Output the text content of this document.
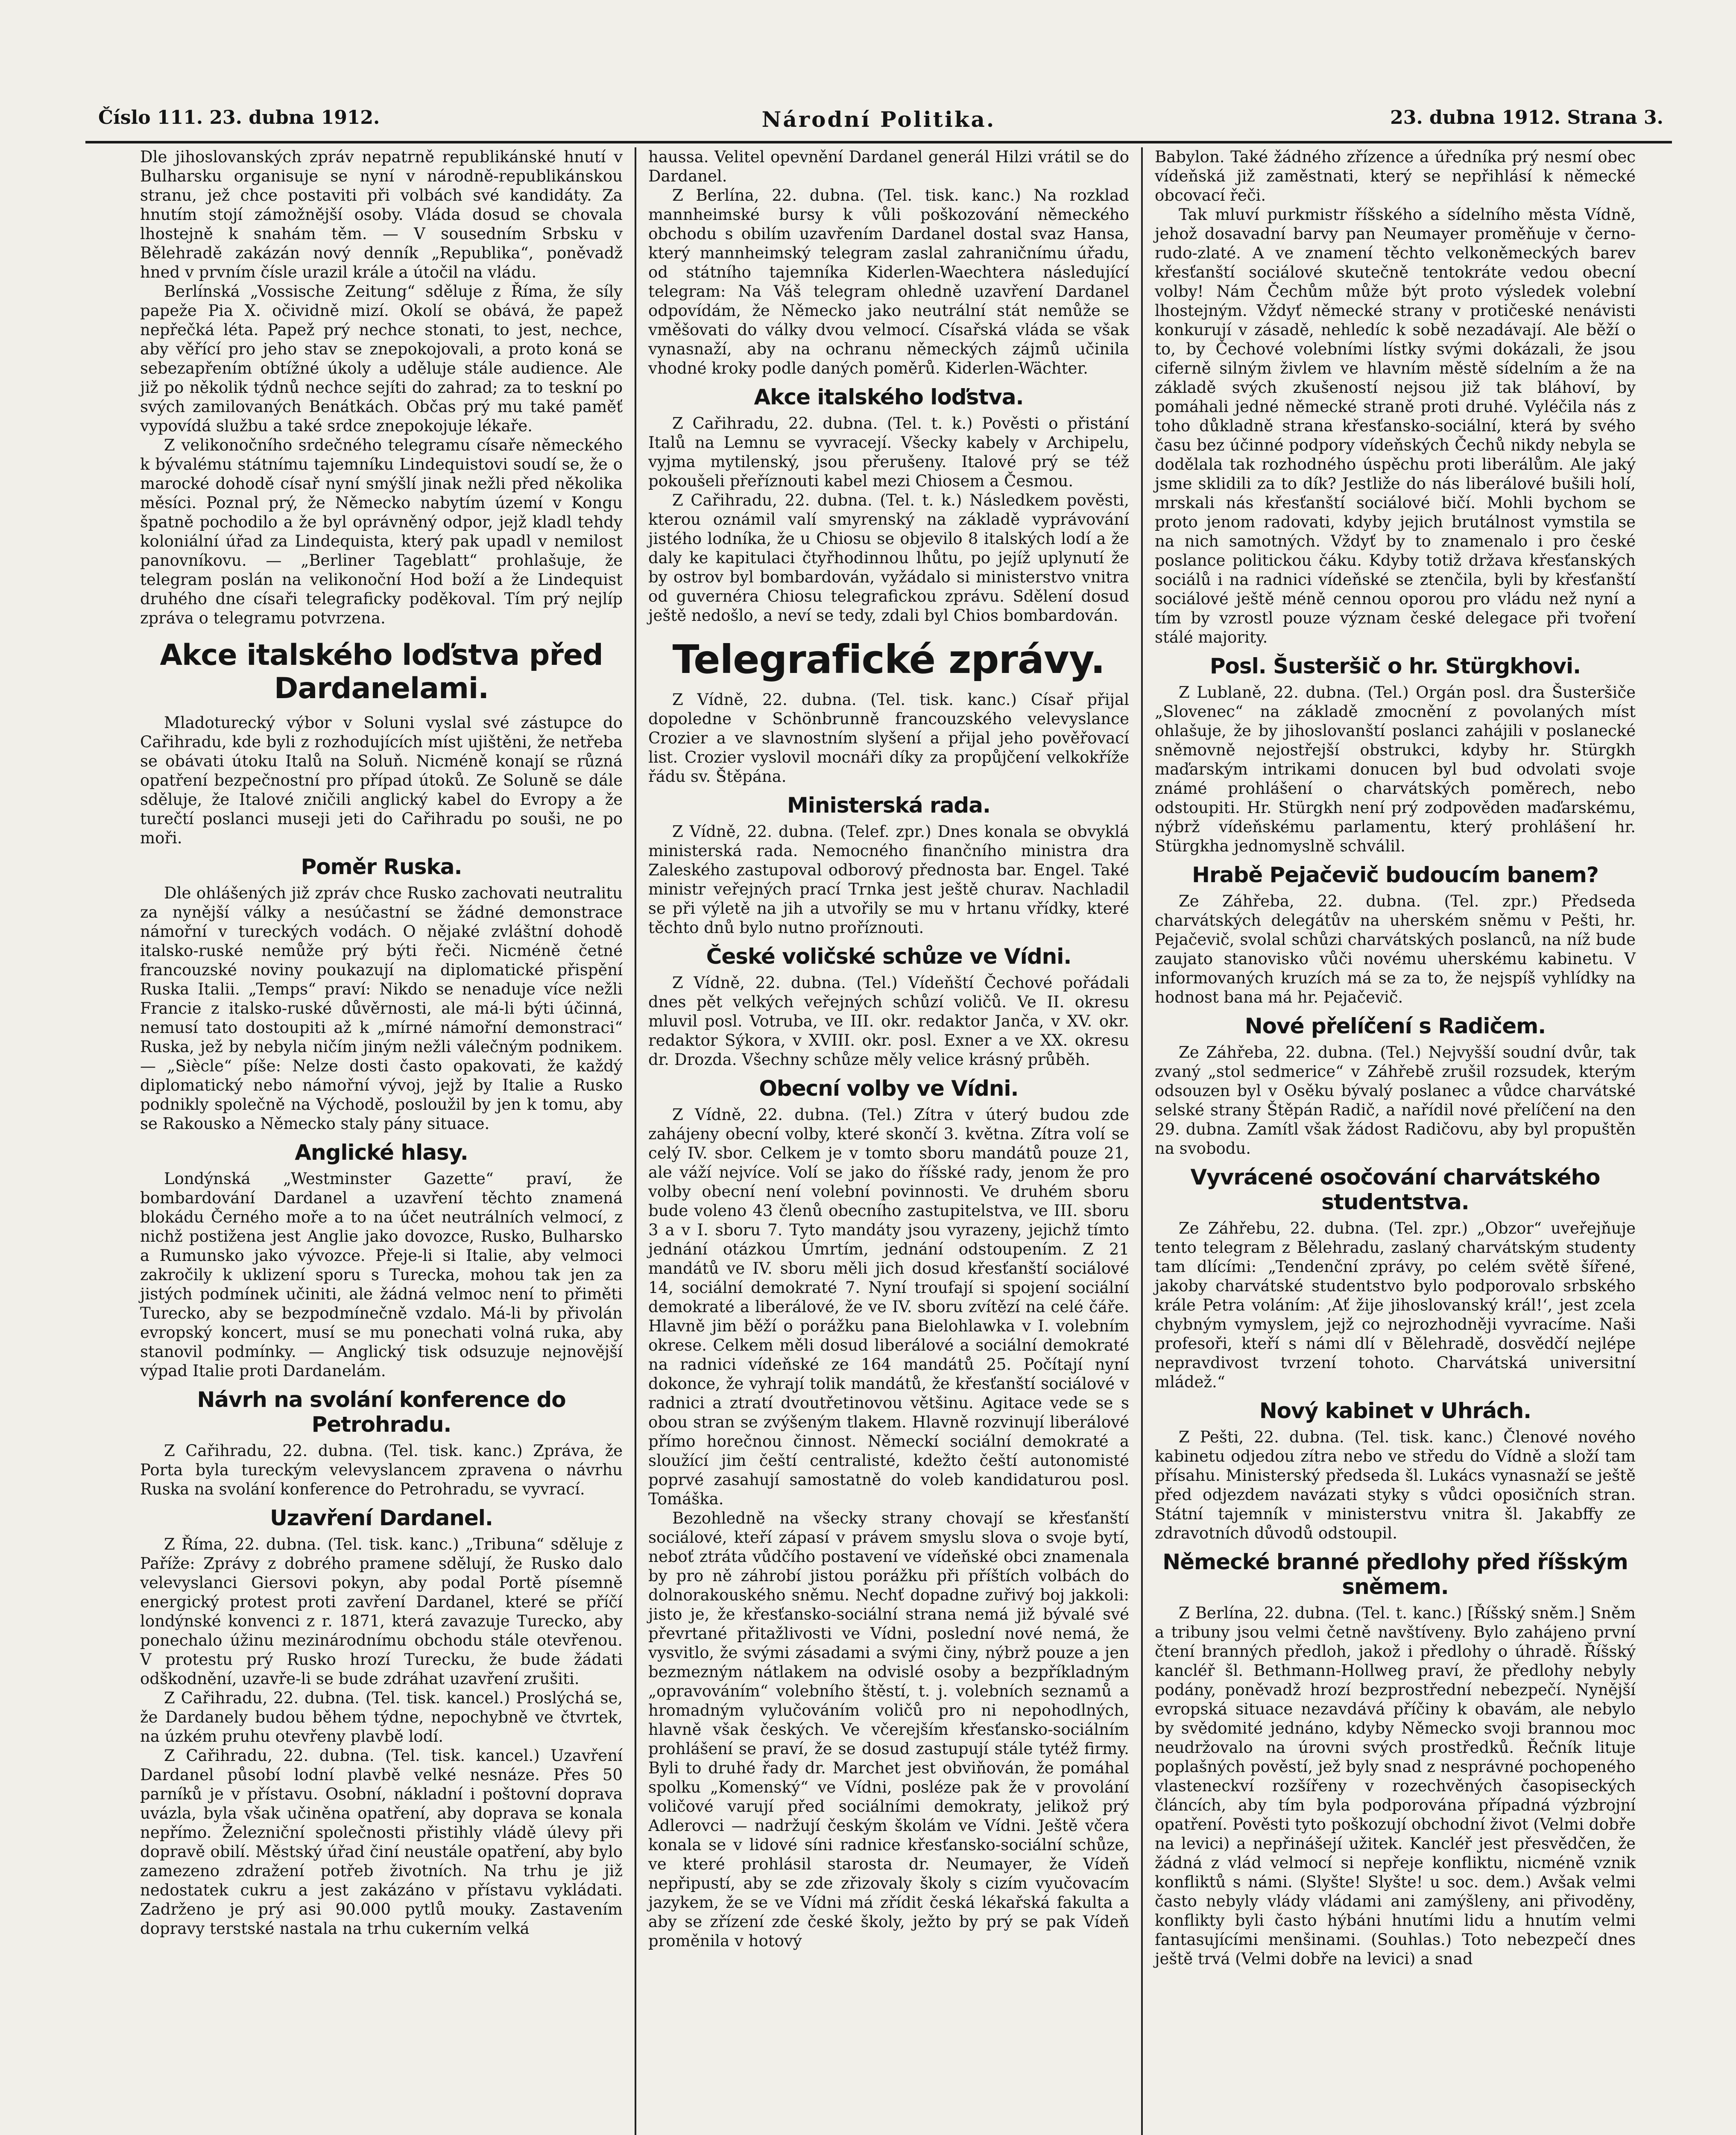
Číslo 111. 23. dubna 1912.	Národní Politika.	23. dubna 1912. Strana 3.

Dle jihoslovanských zpráv nepatrně republikánské hnutí v Bulharsku organisuje se nyní v národně-republikánskou stranu, jež chce postaviti při volbách své kandidáty. Za hnutím stojí zámožnější osoby. Vláda dosud se chovala lhostejně k snahám těm. — V sousedním Srbsku v Bělehradě zakázán nový denník „Republika“, poněvadž hned v prvním čísle urazil krále a útočil na vládu.

Berlínská „Vossische Zeitung“ sděluje z Říma, že síly papeže Pia X. očividně mizí. Okolí se obává, že papež nepřečká léta. Papež prý nechce stonati, to jest, nechce, aby věřící pro jeho stav se znepokojovali, a proto koná se sebezapřením obtížné úkoly a uděluje stále audience. Ale již po několik týdnů nechce sejíti do zahrad; za to teskní po svých zamilovaných Benátkách. Občas prý mu také paměť vypovídá službu a také srdce znepokojuje lékaře.

Z velikonočního srdečného telegramu císaře německého k bývalému státnímu tajemníku Lindequistovi soudí se, že o marocké dohodě císař nyní smýšlí jinak nežli před několika měsíci. Poznal prý, že Německo nabytím území v Kongu špatně pochodilo a že byl oprávněný odpor, jejž kladl tehdy koloniální úřad za Lindequista, který pak upadl v nemilost panovníkovu. — „Berliner Tageblatt“ prohlašuje, že telegram poslán na velikonoční Hod boží a že Lindequist druhého dne císaři telegraficky poděkoval. Tím prý nejlíp zpráva o telegramu potvrzena.

Akce italského loďstva před Dardanelami.

Mladoturecký výbor v Soluni vyslal své zástupce do Cařihradu, kde byli z rozhodujících míst ujištěni, že netřeba se obávati útoku Italů na Soluň. Nicméně konají se různá opatření bezpečnostní pro případ útoků. Ze Soluně se dále sděluje, že Italové zničili anglický kabel do Evropy a že turečtí poslanci museji jeti do Cařihradu po souši, ne po moři.

Poměr Ruska.

Dle ohlášených již zpráv chce Rusko zachovati neutralitu za nynější války a nesúčastní se žádné demonstrace námořní v tureckých vodách. O nějaké zvláštní dohodě italsko-ruské nemůže prý býti řeči. Nicméně četné francouzské noviny poukazují na diplomatické přispění Ruska Italii. „Temps“ praví: Nikdo se nenaduje více nežli Francie z italsko-ruské důvěrnosti, ale má-li býti účinná, nemusí tato dostoupiti až k „mírné námořní demonstraci“ Ruska, jež by nebyla ničím jiným nežli válečným podnikem. — „Siècle“ píše: Nelze dosti často opakovati, že každý diplomatický nebo námořní vývoj, jejž by Italie a Rusko podnikly společně na Východě, posloužil by jen k tomu, aby se Rakousko a Německo staly pány situace.

Anglické hlasy.

Londýnská „Westminster Gazette“ praví, že bombardování Dardanel a uzavření těchto znamená blokádu Černého moře a to na účet neutrálních velmocí, z nichž postižena jest Anglie jako dovozce, Rusko, Bulharsko a Rumunsko jako vývozce. Přeje-li si Italie, aby velmoci zakročily k uklizení sporu s Turecka, mohou tak jen za jistých podmínek učiniti, ale žádná velmoc není to přiměti Turecko, aby se bezpodmínečně vzdalo. Má-li by přivolán evropský koncert, musí se mu ponechati volná ruka, aby stanovil podmínky. — Anglický tisk odsuzuje nejnovější výpad Italie proti Dardanelám.

Návrh na svolání konference do Petrohradu.

Z Cařihradu, 22. dubna. (Tel. tisk. kanc.) Zpráva, že Porta byla tureckým velevyslancem zpravena o návrhu Ruska na svolání konference do Petrohradu, se vyvrací.

Uzavření Dardanel.

Z Říma, 22. dubna. (Tel. tisk. kanc.) „Tribuna“ sděluje z Paříže: Zprávy z dobrého pramene sdělují, že Rusko dalo velevyslanci Giersovi pokyn, aby podal Portě písemně energický protest proti zavření Dardanel, které se příčí londýnské konvenci z r. 1871, která zavazuje Turecko, aby ponechalo úžinu mezinárodnímu obchodu stále otevřenou. V protestu prý Rusko hrozí Turecku, že bude žádati odškodnění, uzavře-li se bude zdráhat uzavření zrušiti.

Z Cařihradu, 22. dubna. (Tel. tisk. kancel.) Proslýchá se, že Dardanely budou během týdne, nepochybně ve čtvrtek, na úzkém pruhu otevřeny plavbě lodí.

Z Cařihradu, 22. dubna. (Tel. tisk. kancel.) Uzavření Dardanel působí lodní plavbě velké nesnáze. Přes 50 parníků je v přístavu. Osobní, nákladní i poštovní doprava uvázla, byla však učiněna opatření, aby doprava se konala nepřímo. Železniční společnosti přistihly vládě úlevy při dopravě obilí. Městský úřad činí neustále opatření, aby bylo zamezeno zdražení potřeb životních. Na trhu je již nedostatek cukru a jest zakázáno v přístavu vykládati. Zadrženo je prý asi 90.000 pytlů mouky. Zastavením dopravy terstské nastala na trhu cukerním velká

haussa. Velitel opevnění Dardanel generál Hilzi vrátil se do Dardanel.

Z Berlína, 22. dubna. (Tel. tisk. kanc.) Na rozklad mannheimské bursy k vůli poškozování německého obchodu s obilím uzavřením Dardanel dostal svaz Hansa, který mannheimský telegram zaslal zahraničnímu úřadu, od státního tajemníka Kiderlen-Waechtera následující telegram: Na Váš telegram ohledně uzavření Dardanel odpovídám, že Německo jako neutrální stát nemůže se vměšovati do války dvou velmocí. Císařská vláda se však vynasnaží, aby na ochranu německých zájmů učinila vhodné kroky podle daných poměrů. Kiderlen-Wächter.

Akce italského loďstva.

Z Cařihradu, 22. dubna. (Tel. t. k.) Pověsti o přistání Italů na Lemnu se vyvracejí. Všecky kabely v Archipelu, vyjma mytilenský, jsou přerušeny. Italové prý se též pokoušeli přeříznouti kabel mezi Chiosem a Česmou.

Z Cařihradu, 22. dubna. (Tel. t. k.) Následkem pověsti, kterou oznámil valí smyrenský na základě vyprávování jistého lodníka, že u Chiosu se objevilo 8 italských lodí a že daly ke kapitulaci čtyřhodinnou lhůtu, po jejíž uplynutí že by ostrov byl bombardován, vyžádalo si ministerstvo vnitra od guvernéra Chiosu telegrafickou zprávu. Sdělení dosud ještě nedošlo, a neví se tedy, zdali byl Chios bombardován.

Telegrafické zprávy.

Z Vídně, 22. dubna. (Tel. tisk. kanc.) Císař přijal dopoledne v Schönbrunně francouzského velevyslance Crozier a ve slavnostním slyšení a přijal jeho pověřovací list. Crozier vyslovil mocnáři díky za propůjčení velkokříže řádu sv. Štěpána.

Ministerská rada.

Z Vídně, 22. dubna. (Telef. zpr.) Dnes konala se obvyklá ministerská rada. Nemocného finančního ministra dra Zaleského zastupoval odborový přednosta bar. Engel. Také ministr veřejných prací Trnka jest ještě churav. Nachladil se při výletě na jih a utvořily se mu v hrtanu vřídky, které těchto dnů bylo nutno proříznouti.

České voličské schůze ve Vídni.

Z Vídně, 22. dubna. (Tel.) Vídeňští Čechové pořádali dnes pět velkých veřejných schůzí voličů. Ve II. okresu mluvil posl. Votruba, ve III. okr. redaktor Janča, v XV. okr. redaktor Sýkora, v XVIII. okr. posl. Exner a ve XX. okresu dr. Drozda. Všechny schůze měly velice krásný průběh.

Obecní volby ve Vídni.

Z Vídně, 22. dubna. (Tel.) Zítra v úterý budou zde zahájeny obecní volby, které skončí 3. května. Zítra volí se celý IV. sbor. Celkem je v tomto sboru mandátů pouze 21, ale váží nejvíce. Volí se jako do říšské rady, jenom že pro volby obecní není volební povinnosti. Ve druhém sboru bude voleno 43 členů obecního zastupitelstva, ve III. sboru 3 a v I. sboru 7. Tyto mandáty jsou vyrazeny, jejichž tímto jednání otázkou Úmrtím, jednání odstoupením. Z 21 mandátů ve IV. sboru měli jich dosud křesťanští sociálové 14, sociální demokraté 7. Nyní troufají si spojení sociální demokraté a liberálové, že ve IV. sboru zvítězí na celé čáře. Hlavně jim běží o porážku pana Bielohlawka v I. volebním okrese. Celkem měli dosud liberálové a sociální demokraté na radnici vídeňské ze 164 mandátů 25. Počítají nyní dokonce, že vyhrají tolik mandátů, že křesťanští sociálové v radnici a ztratí dvoutřetinovou většinu. Agitace vede se s obou stran se zvýšeným tlakem. Hlavně rozvinují liberálové přímo horečnou činnost. Německí sociální demokraté a sloužící jim čeští centralisté, kdežto čeští autonomisté poprvé zasahují samostatně do voleb kandidaturou posl. Tomáška.

Bezohledně na všecky strany chovají se křesťanští sociálové, kteří zápasí v právem smyslu slova o svoje bytí, neboť ztráta vůdčího postavení ve vídeňské obci znamenala by pro ně záhrobí jistou porážku při příštích volbách do dolnorakouského sněmu. Nechť dopadne zuřivý boj jakkoli: jisto je, že křesťansko-sociální strana nemá již bývalé své převrtané přitažlivosti ve Vídni, poslední nové nemá, že vysvitlo, že svými zásadami a svými činy, nýbrž pouze a jen bezmezným nátlakem na odvislé osoby a bezpříkladným „opravováním“ volebního štěstí, t. j. volebních seznamů a hromadným vylučováním voličů pro ni nepohodlných, hlavně však českých. Ve včerejším křesťansko-sociálním prohlášení se praví, že se dosud zastupují stále tytéž firmy. Byli to druhé řady dr. Marchet jest obviňován, že pomáhal spolku „Komenský“ ve Vídni, posléze pak že v provolání voličové varují před sociálními demokraty, jelikož prý Adlerovci — nadržují českým školám ve Vídni. Ještě včera konala se v lidové síni radnice křesťansko-sociální schůze, ve které prohlásil starosta dr. Neumayer, že Vídeň nepřipustí, aby se zde zřizovaly školy s cizím vyučovacím jazykem, že se ve Vídni má zřídit česká lékařská fakulta a aby se zřízení zde české školy, ježto by prý se pak Vídeň proměnila v hotový

Babylon. Také žádného zřízence a úředníka prý nesmí obec vídeňská již zaměstnati, který se nepřihlásí k německé obcovací řeči.

Tak mluví purkmistr říšského a sídelního města Vídně, jehož dosavadní barvy pan Neumayer proměňuje v černo-rudo-zlaté. A ve znamení těchto velkoněmeckých barev křesťanští sociálové skutečně tentokráte vedou obecní volby! Nám Čechům může být proto výsledek volební lhostejným. Vždyť německé strany v protičeské nenávisti konkurují v zásadě, nehledíc k sobě nezadávají. Ale běží o to, by Čechové volebními lístky svými dokázali, že jsou ciferně silným živlem ve hlavním městě sídelním a že na základě svých zkušeností nejsou již tak bláhoví, by pomáhali jedné německé straně proti druhé. Vyléčila nás z toho důkladně strana křesťansko-sociální, která by svého času bez účinné podpory vídeňských Čechů nikdy nebyla se dodělala tak rozhodného úspěchu proti liberálům. Ale jaký jsme sklidili za to dík? Jestliže do nás liberálové bušili holí, mrskali nás křesťanští sociálové bičí. Mohli bychom se proto jenom radovati, kdyby jejich brutálnost vymstila se na nich samotných. Vždyť by to znamenalo i pro české poslance politickou čáku. Kdyby totiž država křesťanských sociálů i na radnici vídeňské se ztenčila, byli by křesťanští sociálové ještě méně cennou oporou pro vládu než nyní a tím by vzrostl pouze význam české delegace při tvoření stálé majority.

Posl. Šusteršič o hr. Stürgkhovi.

Z Lublaně, 22. dubna. (Tel.) Orgán posl. dra Šusteršiče „Slovenec“ na základě zmocnění z povolaných míst ohlašuje, že by jihoslovanští poslanci zahájili v poslanecké sněmovně nejostřejší obstrukci, kdyby hr. Stürgkh maďarským intrikami donucen byl bud odvolati svoje známé prohlášení o charvátských poměrech, nebo odstoupiti. Hr. Stürgkh není prý zodpověden maďarskému, nýbrž vídeňskému parlamentu, který prohlášení hr. Stürgkha jednomyslně schválil.

Hrabě Pejačevič budoucím banem?

Ze Záhřeba, 22. dubna. (Tel. zpr.) Předseda charvátských delegátův na uherském sněmu v Pešti, hr. Pejačevič, svolal schůzi charvátských poslanců, na níž bude zaujato stanovisko vůči novému uherskému kabinetu. V informovaných kruzích má se za to, že nejspíš vyhlídky na hodnost bana má hr. Pejačevič.

Nové přelíčení s Radičem.

Ze Záhřeba, 22. dubna. (Tel.) Nejvyšší soudní dvůr, tak zvaný „stol sedmerice“ v Záhřebě zrušil rozsudek, kterým odsouzen byl v Osěku bývalý poslanec a vůdce charvátské selské strany Štěpán Radič, a nařídil nové přelíčení na den 29. dubna. Zamítl však žádost Radičovu, aby byl propuštěn na svobodu.

Vyvrácené osočování charvátského studentstva.

Ze Záhřebu, 22. dubna. (Tel. zpr.) „Obzor“ uveřejňuje tento telegram z Bělehradu, zaslaný charvátským studenty tam dlícími: „Tendenční zprávy, po celém světě šířené, jakoby charvátské studentstvo bylo podporovalo srbského krále Petra voláním: ‚Ať žije jihoslovanský král!‘, jest zcela chybným vymyslem, jejž co nejrozhodněji vyvracíme. Naši profesoři, kteří s námi dlí v Bělehradě, dosvědčí nejlépe nepravdivost tvrzení tohoto. Charvátská universitní mládež.“

Nový kabinet v Uhrách.

Z Pešti, 22. dubna. (Tel. tisk. kanc.) Členové nového kabinetu odjedou zítra nebo ve středu do Vídně a složí tam přísahu. Ministerský předseda šl. Lukács vynasnaží se ještě před odjezdem navázati styky s vůdci oposičních stran. Státní tajemník v ministerstvu vnitra šl. Jakabffy ze zdravotních důvodů odstoupil.

Německé branné předlohy před říšským sněmem.

Z Berlína, 22. dubna. (Tel. t. kanc.) [Říšský sněm.] Sněm a tribuny jsou velmi četně navštíveny. Bylo zahájeno první čtení branných předloh, jakož i předlohy o úhradě. Říšský kancléř šl. Bethmann-Hollweg praví, že předlohy nebyly podány, poněvadž hrozí bezprostřední nebezpečí. Nynější evropská situace nezavdává příčiny k obavám, ale nebylo by svědomité jednáno, kdyby Německo svoji brannou moc neudržovalo na úrovni svých prostředků. Řečník lituje poplašných pověstí, jež byly snad z nesprávné pochopeného vlasteneckví rozšířeny v rozechvěných časopiseckých článcích, aby tím byla podporována případná výzbrojní opatření. Pověsti tyto poškozují obchodní život (Velmi dobře na levici) a nepřinášejí užitek. Kancléř jest přesvědčen, že žádná z vlád velmocí si nepřeje konfliktu, nicméně vznik konfliktů s námi. (Slyšte! Slyšte! u soc. dem.) Avšak velmi často nebyly vlády vládami ani zamýšleny, ani přivoděny, konflikty byli často hýbáni hnutími lidu a hnutím velmi fantasujícími menšinami. (Souhlas.) Toto nebezpečí dnes ještě trvá (Velmi dobře na levici) a snad
